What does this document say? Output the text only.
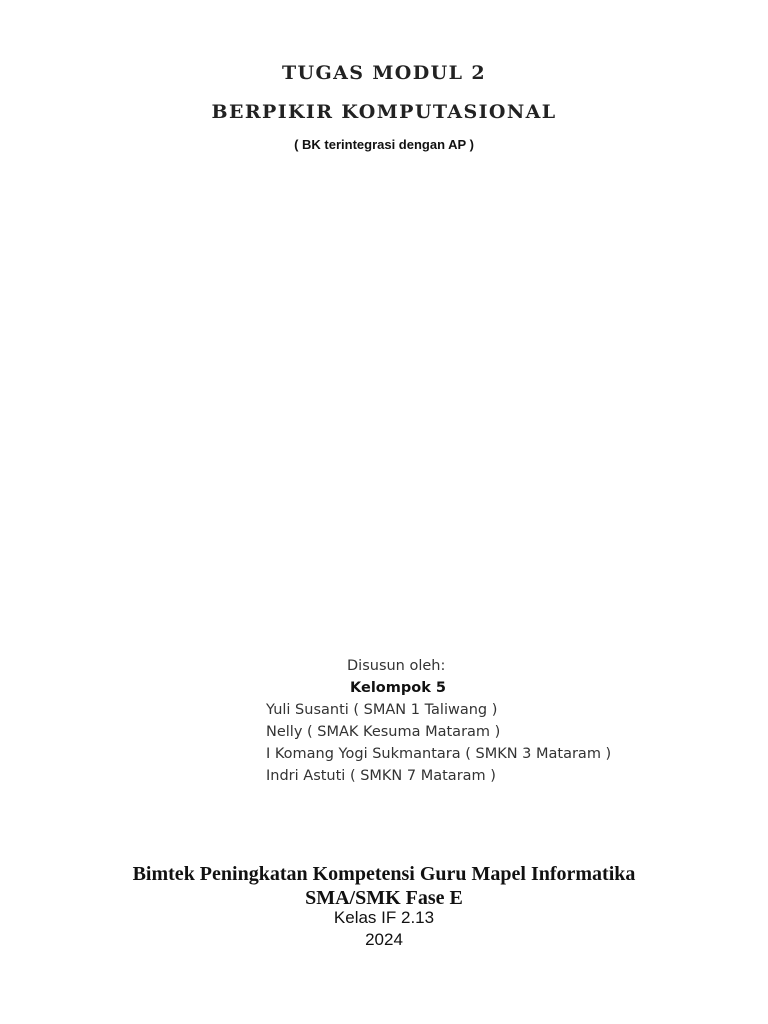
TUGAS MODUL 2
BERPIKIR KOMPUTASIONAL
( BK terintegrasi dengan AP )
Disusun oleh:
Kelompok 5
Yuli Susanti ( SMAN 1 Taliwang )
Nelly ( SMAK Kesuma Mataram )
I Komang Yogi Sukmantara ( SMKN 3 Mataram )
Indri Astuti ( SMKN 7 Mataram )
Bimtek Peningkatan Kompetensi Guru Mapel Informatika
SMA/SMK Fase E
Kelas IF 2.13
2024
